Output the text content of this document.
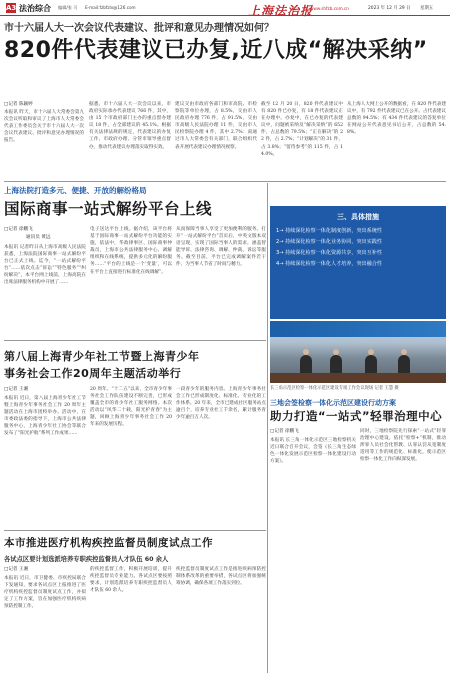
A3 法治综合 编辑/张 可 E-mail:fzbfzlx@126.com	上海法治报
www.shfzb.com.cn	2023 年 12 月 29 日 星期五
市十六届人大一次会议代表建议、批评和意见办理情况如何？
820件代表建议已办复,近八成“解决采纳”
□记者 陈颖婷
本报讯 昨天，市十六届人大常委会第九次会议听取和审议了上海市人大常委会代表工作委员会关于市十六届人大一次会议代表建议、批评和意见办理情况的报告。
据悉，市十六届人大一次会议以来，市政府实际承办代表建议 766 件，其中，由 15 个市政府部门主办的重点督办建议 18 件，占全部建议的 45.1%。根据有关法律法规的规定，代表建议的办复工作、市政府办理、分管市领导重点督办，推动代表建议办理落实取得实效。
建议交由市政府各部门和市高院、市检察院等单位办理，占 8.5%，交由市人民政府办理 776 件，占 91.5%，交由市高级人民法院办理 11 件，交由市人民检察院办理 4 件，其中 2.7%：南通过市人大常委会有关部门，联合组织代表开展代表建议办理情况视察。
截至 12 月 20 日，820 件代表建议中有 820 件已办复，有 18 件代表建议正在办理中。办复中，在已办复的代表建议中，问题被采纳及“解决采纳”的 652 件，占总数的 79.5%；“正在解决”的 22 件，占 2.7%；“计划解决”的 31 件，占 3.8%；“留待参考”的 115 件，占 14.0%。
从上海人大网上公开的数据看，在 820 件代表建议中，有 792 件代表建议已在公开。占代表建议总数的 94.5%；有 434 件代表建议的答复单位在网站公开代表意见书后公开，占总数的 54.8%。
上海法院打造多元、便捷、开放的解纷格局
国际商事一站式解纷平台上线
□记者 徐鹏飞
通讯员 黄远
本报讯 记者昨日从上海市高级人民法院获悉，上海法院国际商事一站式解纷平台已正式上线。迄今，“一站式解纷平台”……依次点击“诉讼”“特色服务”“纠纷解决”，本平台网上线前，上海高院在出席法律服务机构中开展了……
电子送达平台上线。据介绍，该平台将基于国际商事一站式解纷平台功能的实施，依法中，华政律事区、国际商事仲裁员，上海市公共法律服务中心、调解组织和在线系统，提供多元化的解纷服务……“平台的上线是一个‘变量’，可以在平台上直接进行标准化在线调解”。
从而保障当事人享受了更加便利的服务。打开“一站式解纷平台”首页后，中英文版本双语呈现，实现了国际当事人的需求，涵盖智能导诉、法律咨询、调解、仲裁、诉讼等服务。截至目前，平台已完成调解案件若干件，为当事人节省了时间与精力。
三、具体措施
1→ 持续深化检察一体化制度创新，突出系统性
2→ 持续深化检察一体化业务协同，突出实践性
3→ 持续深化检察一体化资源共享，突出互补性
4→ 持续深化检察一体化人才培养，突出融合性
长三角示范区检察一体化示范区建设专项工作会议现场 记者 王慧 摄
三地会签检察一体化示范区建设行动方案
助力打造“一站式”轻罪治理中心
□记者 徐鹏飞
本报讯 长三角一体化示范区三地检察机关近日联合召开会议，会签《长三角生态绿色一体化发展示范区检察一体化建设行动方案》。
同时，三地检察院先行探索“一站式”轻罪治理中心建设，依托“检察+”机制，推动涉罪人员社会化帮教、认罪认罚从宽制度适用等工作的规范化、标准化，使示范区检察一体化工作向纵深发展。
第八届上海青少年社工节暨上海青少年
事务社会工作20周年主题活动举行
□记者 王湘
本报讯 近日，第八届上海青少年社工节暨上海青少年事务社会工作 20 周年主题活动在上海市团校举办。活动中，在市委政法委的指导下，上海市公共法律服务中心、上海青少年社工协会等联合发布了“阳光护航”系列工作成果……
20 周年。“十二五”以来，全市青少年事务社会工作队伍建设不断完善，已形成覆盖全市的青少年社工服务网络。本次活动以“风华二十载，阳光护青春”为主题，回顾上海青少年事务社会工作 20 年来的发展历程。
一段青少年的服务内容。上海青少年事务社会工作已形成制度化、标准化、专业化的工作体系。20 年来，全市已建成社区服务站点逾百个，培养专业社工千余名，累计服务青少年逾百万人次。
本市推进医疗机构疾控监督员制度试点工作
各试点区要计划选派培养专职疾控监督员人才队伍 60 余人
□记者 王湘
本报讯 近日，市卫健委、市疾控局联合下发通知，要求各试点区上报推进了医疗机构疾控监督员制度试点工作，并拟定了工作方案，旨在加强医疗机构疾病预防控制工作。
的疾控监督工作，积极开展培训，提升疾控监督员专业能力。各试点区要按照要求，计划选派培养专职疾控监督员人才队伍 60 余人。
疾控监督员制度试点工作是推进疾病预防控制体系改革的重要举措，各试点区将加强统筹协调，确保各项工作落实到位。
